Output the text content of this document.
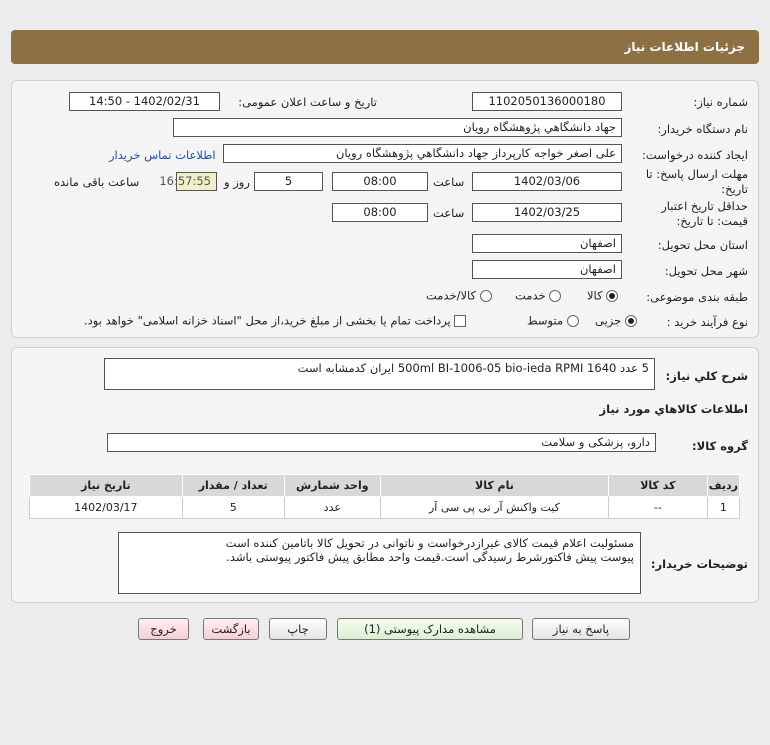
جزئیات اطلاعات نیاز
شماره نیاز:
1102050136000180
تاریخ و ساعت اعلان عمومی:
1402/02/31 - 14:50
نام دستگاه خریدار:
جهاد دانشگاهي پژوهشگاه رويان
ایجاد کننده درخواست:
علی اصغر خواجه کارپرداز جهاد دانشگاهي پژوهشگاه رويان
اطلاعات تماس خریدار
مهلت ارسال پاسخ: تا تاریخ:
1402/03/06
ساعت
08:00
5
روز و
16:57:55
ساعت باقی مانده
حداقل تاریخ اعتبار قیمت: تا تاریخ:
1402/03/25
ساعت
08:00
استان محل تحویل:
اصفهان
شهر محل تحویل:
اصفهان
طبقه بندی موضوعی:
کالا
خدمت
کالا/خدمت
نوع فرآیند خرید :
جزیی
متوسط
پرداخت تمام یا بخشی از مبلغ خرید،از محل "اسناد خزانه اسلامی" خواهد بود.
شرح کلي نياز:
5 عدد 500ml BI-1006-05 bio-ieda RPMI 1640 ایران کدمشابه است
اطلاعات کالاهاي مورد نياز
گروه کالا:
دارو، پزشکی و سلامت
ردیف	کد کالا	نام کالا	واحد شمارش	تعداد / مقدار	تاریخ نیاز
1	--	کیت واکنش آر تی پی سی آر	عدد	5	1402/03/17
توضیحات خریدار:
مسئولیت اعلام قیمت کالای غیرازدرخواست و ناتوانی در تحویل کالا باتامین کننده است
پیوست پیش فاکتورشرط رسیدگی است.قیمت واحد مطابق پیش فاکتور پیوستی باشد.
پاسخ به نیاز
مشاهده مدارک پیوستی (1)
چاپ
بازگشت
خروج
